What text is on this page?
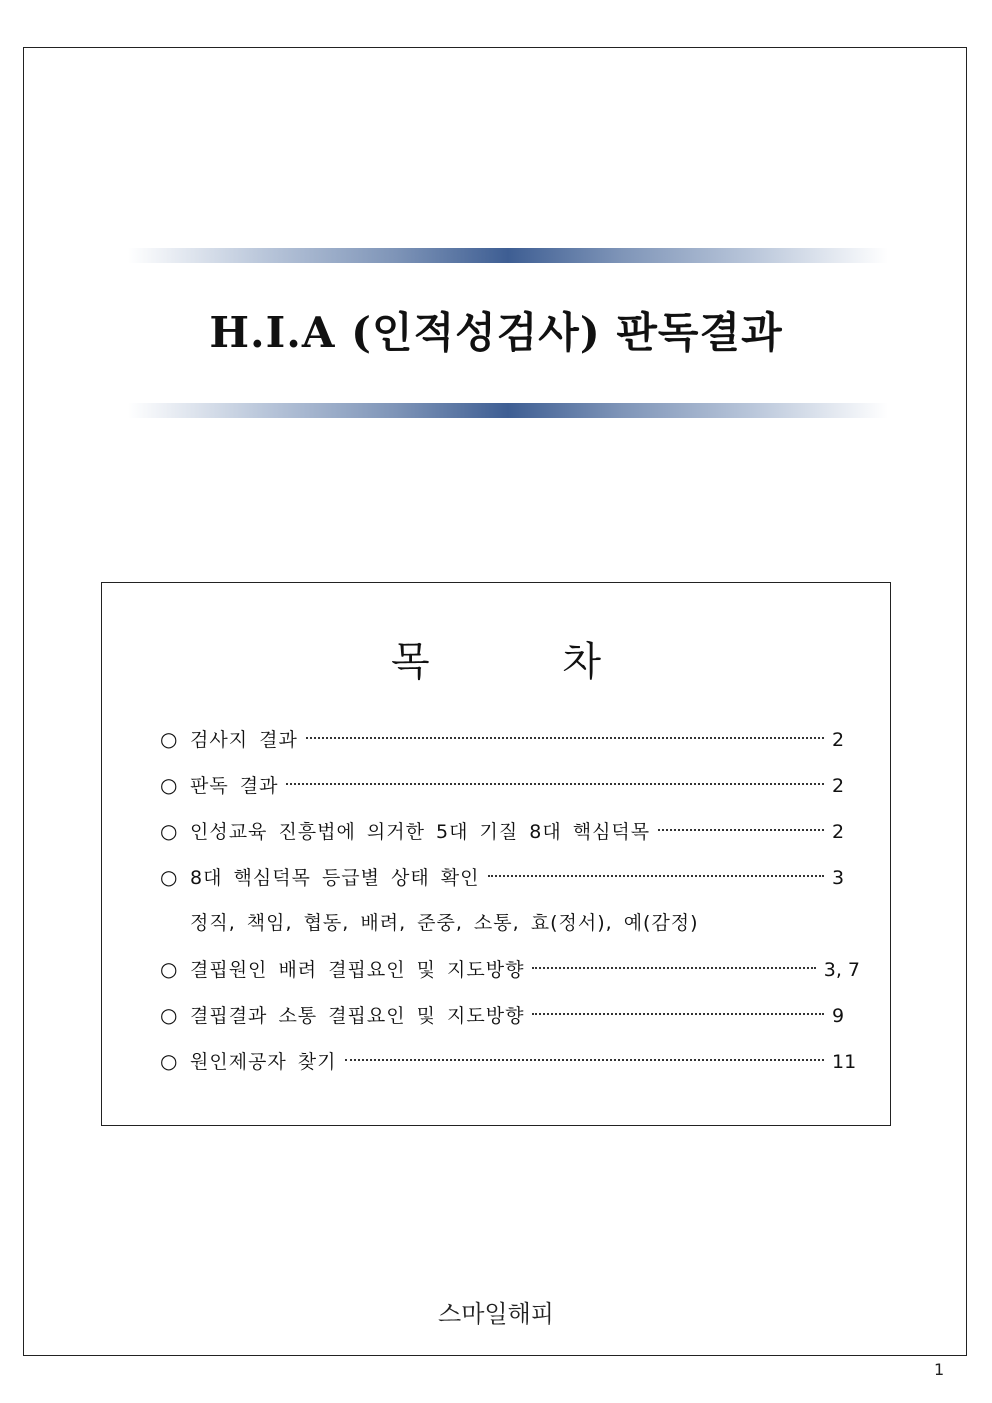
H.I.A (인적성검사) 판독결과
목 차
○ 검사지 결과	2
○ 판독 결과	2
○ 인성교육 진흥법에 의거한 5대 기질 8대 핵심덕목	2
○ 8대 핵심덕목 등급별 상태 확인	3
정직, 책임, 협동, 배려, 준중, 소통, 효(정서), 예(감정)
○ 결핍원인 배려 결핍요인 및 지도방향	3, 7
○ 결핍결과 소통 결핍요인 및 지도방향	9
○ 원인제공자 찾기	11
스마일해피
1
